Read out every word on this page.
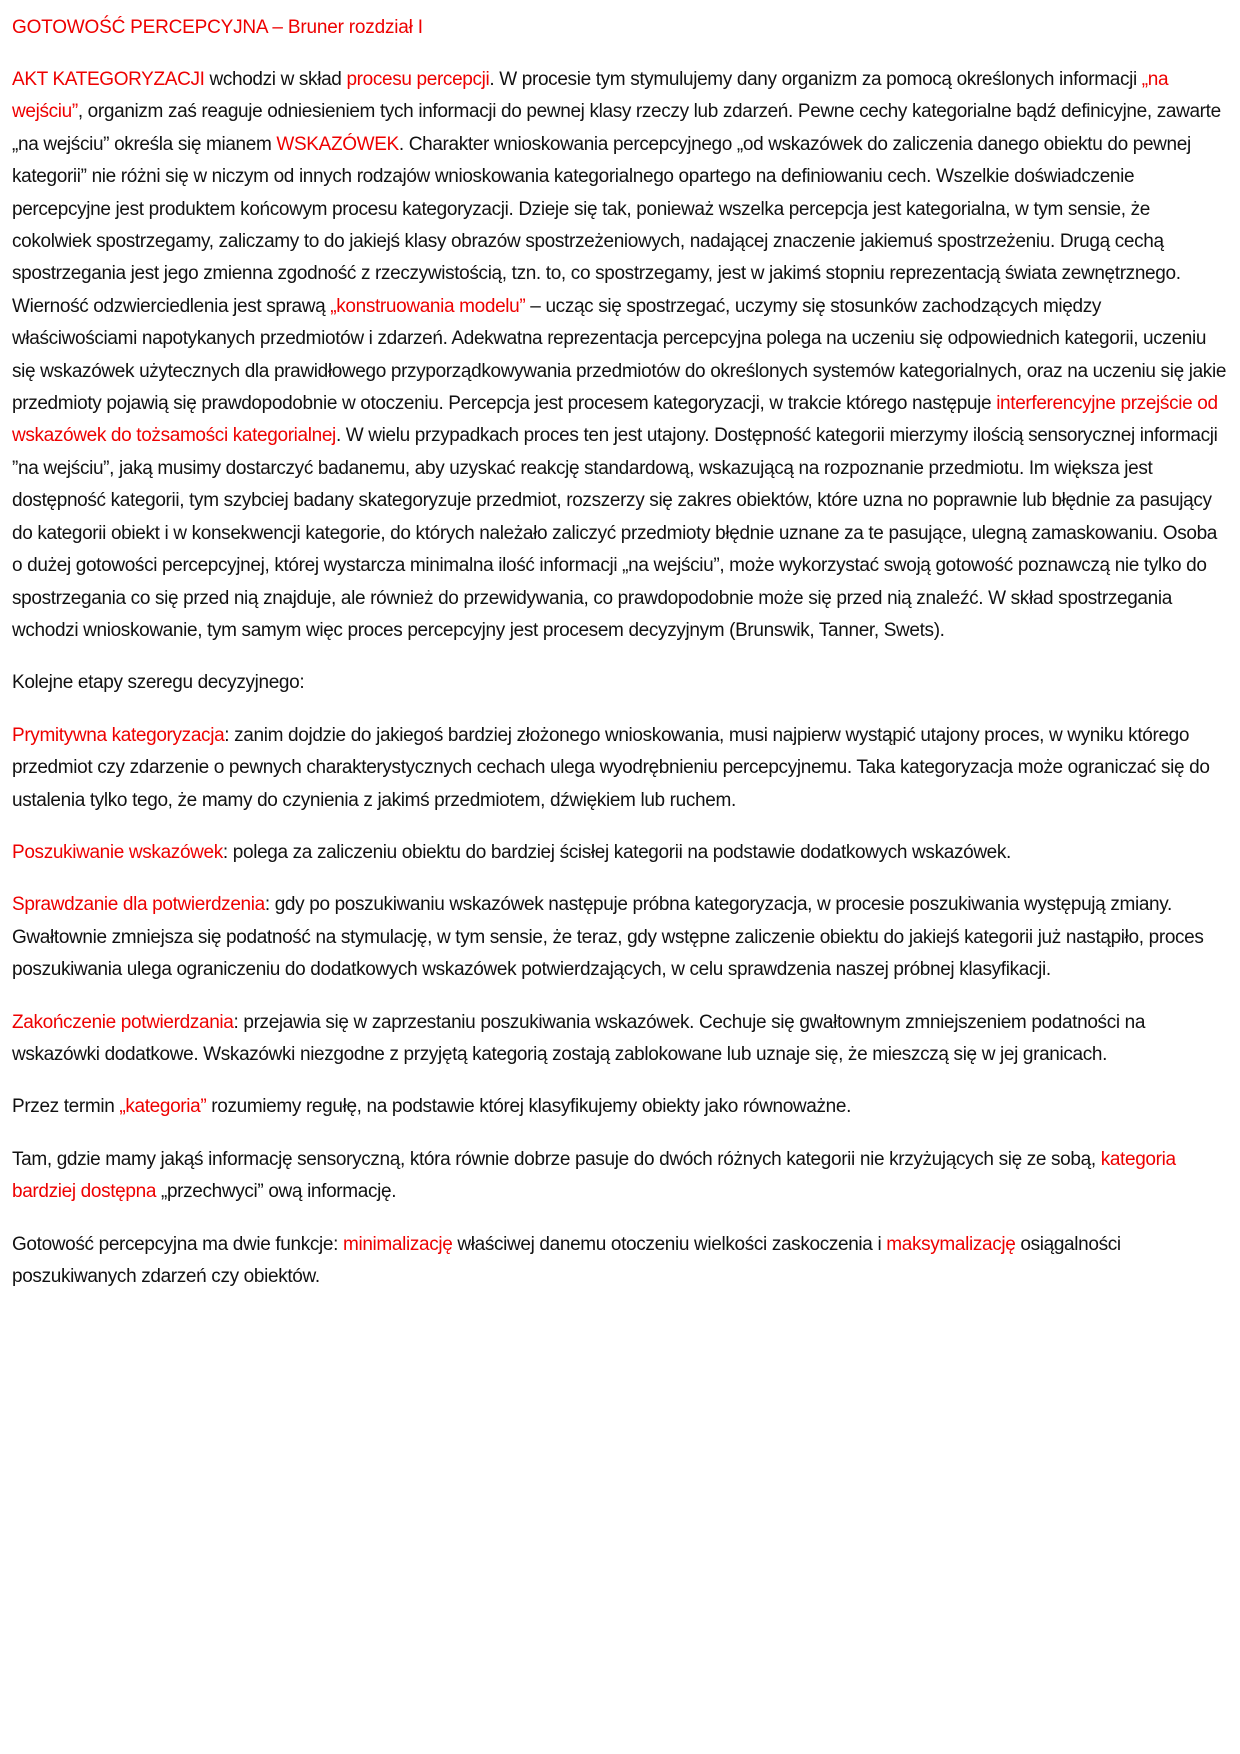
GOTOWOŚĆ PERCEPCYJNA – Bruner rozdział I

AKT KATEGORYZACJI wchodzi w skład procesu percepcji. W procesie tym stymulujemy dany organizm za pomocą określonych informacji „na wejściu”, organizm zaś reaguje odniesieniem tych informacji do pewnej klasy rzeczy lub zdarzeń. Pewne cechy kategorialne bądź definicyjne, zawarte „na wejściu” określa się mianem WSKAZÓWEK. Charakter wnioskowania percepcyjnego „od wskazówek do zaliczenia danego obiektu do pewnej kategorii” nie różni się w niczym od innych rodzajów wnioskowania kategorialnego opartego na definiowaniu cech. Wszelkie doświadczenie percepcyjne jest produktem końcowym procesu kategoryzacji. Dzieje się tak, ponieważ wszelka percepcja jest kategorialna, w tym sensie, że cokolwiek spostrzegamy, zaliczamy to do jakiejś klasy obrazów spostrzeżeniowych, nadającej znaczenie jakiemuś spostrzeżeniu. Drugą cechą spostrzegania jest jego zmienna zgodność z rzeczywistością, tzn. to, co spostrzegamy, jest w jakimś stopniu reprezentacją świata zewnętrznego. Wierność odzwierciedlenia jest sprawą „konstruowania modelu” – ucząc się spostrzegać, uczymy się stosunków zachodzących między właściwościami napotykanych przedmiotów i zdarzeń. Adekwatna reprezentacja percepcyjna polega na uczeniu się odpowiednich kategorii, uczeniu się wskazówek użytecznych dla prawidłowego przyporządkowywania przedmiotów do określonych systemów kategorialnych, oraz na uczeniu się jakie przedmioty pojawią się prawdopodobnie w otoczeniu. Percepcja jest procesem kategoryzacji, w trakcie którego następuje interferencyjne przejście od wskazówek do tożsamości kategorialnej. W wielu przypadkach proces ten jest utajony. Dostępność kategorii mierzymy ilością sensorycznej informacji ”na wejściu”, jaką musimy dostarczyć badanemu, aby uzyskać reakcję standardową, wskazującą na rozpoznanie przedmiotu. Im większa jest dostępność kategorii, tym szybciej badany skategoryzuje przedmiot, rozszerzy się zakres obiektów, które uzna no poprawnie lub błędnie za pasujący do kategorii obiekt i w konsekwencji kategorie, do których należało zaliczyć przedmioty błędnie uznane za te pasujące, ulegną zamaskowaniu. Osoba o dużej gotowości percepcyjnej, której wystarcza minimalna ilość informacji „na wejściu”, może wykorzystać swoją gotowość poznawczą nie tylko do spostrzegania co się przed nią znajduje, ale również do przewidywania, co prawdopodobnie może się przed nią znaleźć. W skład spostrzegania wchodzi wnioskowanie, tym samym więc proces percepcyjny jest procesem decyzyjnym (Brunswik, Tanner, Swets).

Kolejne etapy szeregu decyzyjnego:

Prymitywna kategoryzacja: zanim dojdzie do jakiegoś bardziej złożonego wnioskowania, musi najpierw wystąpić utajony proces, w wyniku którego przedmiot czy zdarzenie o pewnych charakterystycznych cechach ulega wyodrębnieniu percepcyjnemu. Taka kategoryzacja może ograniczać się do ustalenia tylko tego, że mamy do czynienia z jakimś przedmiotem, dźwiękiem lub ruchem.

Poszukiwanie wskazówek: polega za zaliczeniu obiektu do bardziej ścisłej kategorii na podstawie dodatkowych wskazówek.

Sprawdzanie dla potwierdzenia: gdy po poszukiwaniu wskazówek następuje próbna kategoryzacja, w procesie poszukiwania występują zmiany. Gwałtownie zmniejsza się podatność na stymulację, w tym sensie, że teraz, gdy wstępne zaliczenie obiektu do jakiejś kategorii już nastąpiło, proces poszukiwania ulega ograniczeniu do dodatkowych wskazówek potwierdzających, w celu sprawdzenia naszej próbnej klasyfikacji.

Zakończenie potwierdzania: przejawia się w zaprzestaniu poszukiwania wskazówek. Cechuje się gwałtownym zmniejszeniem podatności na wskazówki dodatkowe. Wskazówki niezgodne z przyjętą kategorią zostają zablokowane lub uznaje się, że mieszczą się w jej granicach.

Przez termin „kategoria” rozumiemy regułę, na podstawie której klasyfikujemy obiekty jako równoważne.

Tam, gdzie mamy jakąś informację sensoryczną, która równie dobrze pasuje do dwóch różnych kategorii nie krzyżujących się ze sobą, kategoria bardziej dostępna „przechwyci” ową informację.

Gotowość percepcyjna ma dwie funkcje: minimalizację właściwej danemu otoczeniu wielkości zaskoczenia i maksymalizację osiągalności poszukiwanych zdarzeń czy obiektów.
